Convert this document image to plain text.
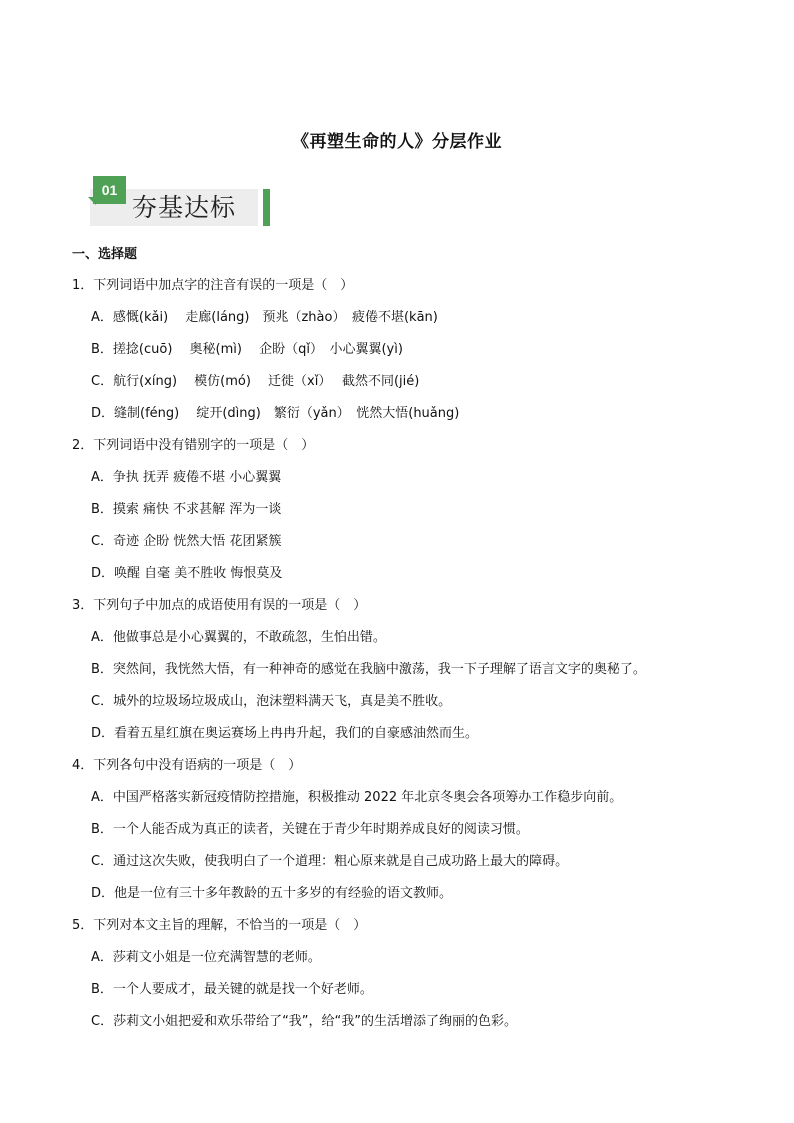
《再塑生命的人》分层作业
01
夯基达标
一、选择题
1．下列词语中加点字的注音有误的一项是（　）
A．感慨(kǎi)　 走廊(láng)　预兆（zhào）　疲倦不堪(kān)
B．搓捻(cuō)　 奥秘(mì)　 企盼（qǐ）　小心翼翼(yì)
C．航行(xíng)　 模仿(mó)　 迁徙（xǐ）　 截然不同(jié)
D．缝制(féng)　 绽开(dìng)　繁衍（yǎn）　恍然大悟(huǎng)
2．下列词语中没有错别字的一项是（　）
A．争执 抚弄 疲倦不堪 小心翼翼
B．摸索 痛快 不求甚解 浑为一谈
C．奇迹 企盼 恍然大悟 花团紧簇
D．唤醒 自毫 美不胜收 悔恨莫及
3．下列句子中加点的成语使用有误的一项是（　）
A．他做事总是小心翼翼的，不敢疏忽，生怕出错。
B．突然间，我恍然大悟，有一种神奇的感觉在我脑中激荡，我一下子理解了语言文字的奥秘了。
C．城外的垃圾场垃圾成山，泡沫塑料满天飞，真是美不胜收。
D．看着五星红旗在奥运赛场上冉冉升起，我们的自豪感油然而生。
4．下列各句中没有语病的一项是（　）
A．中国严格落实新冠疫情防控措施，积极推动 2022 年北京冬奥会各项筹办工作稳步向前。
B．一个人能否成为真正的读者，关键在于青少年时期养成良好的阅读习惯。
C．通过这次失败，使我明白了一个道理：粗心原来就是自己成功路上最大的障碍。
D．他是一位有三十多年教龄的五十多岁的有经验的语文教师。
5．下列对本文主旨的理解，不恰当的一项是（　）
A．莎莉文小姐是一位充满智慧的老师。
B．一个人要成才，最关键的就是找一个好老师。
C．莎莉文小姐把爱和欢乐带给了“我”，给“我”的生活增添了绚丽的色彩。
